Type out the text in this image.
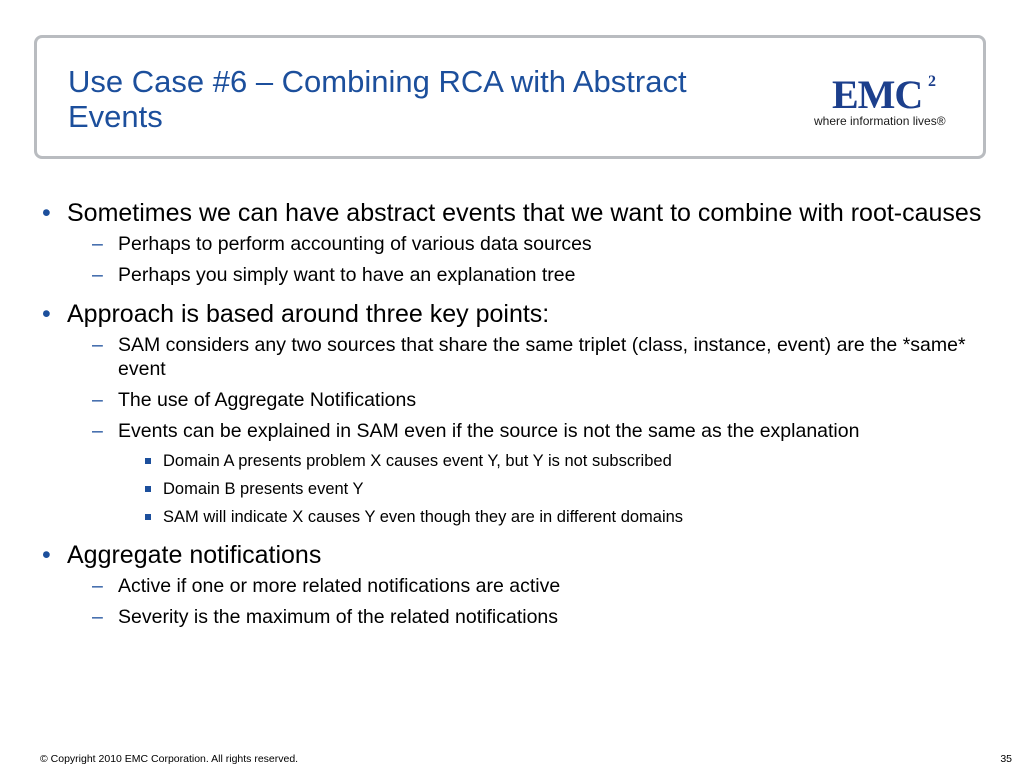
Use Case #6 – Combining RCA with Abstract Events	EMC 2
where information lives®
• Sometimes we can have abstract events that we want to combine with root-causes
– Perhaps to perform accounting of various data sources
– Perhaps you simply want to have an explanation tree
• Approach is based around three key points:
– SAM considers any two sources that share the same triplet (class, instance, event) are the *same* event
– The use of Aggregate Notifications
– Events can be explained in SAM even if the source is not the same as the explanation
Domain A presents problem X causes event Y, but Y is not subscribed
Domain B presents event Y
SAM will indicate X causes Y even though they are in different domains
• Aggregate notifications
– Active if one or more related notifications are active
– Severity is the maximum of the related notifications
© Copyright 2010 EMC Corporation. All rights reserved.	35
